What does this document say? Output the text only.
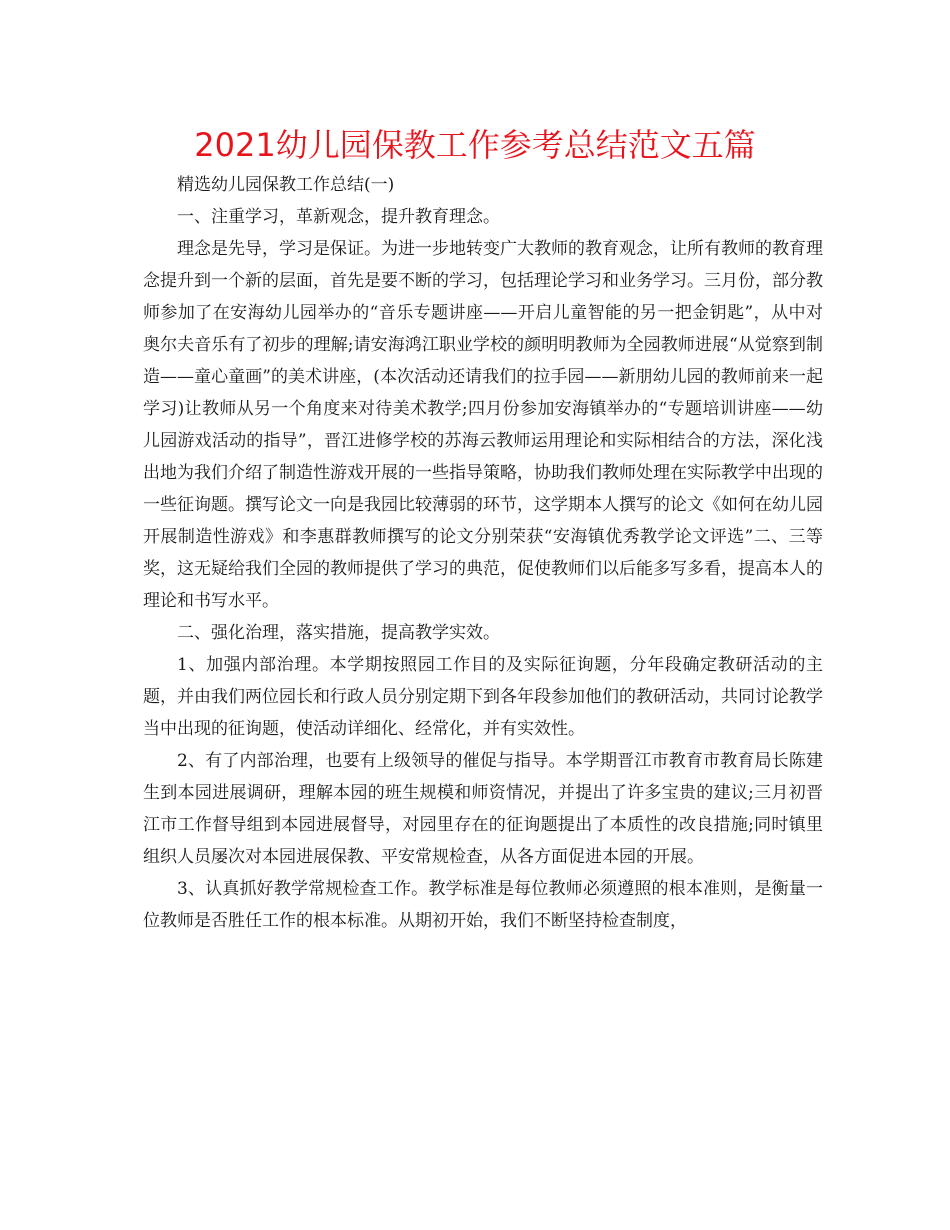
2021幼儿园保教工作参考总结范文五篇

精选幼儿园保教工作总结(一)

一、注重学习，革新观念，提升教育理念。

理念是先导，学习是保证。为进一步地转变广大教师的教育观念，让所有教师的教育理念提升到一个新的层面，首先是要不断的学习，包括理论学习和业务学习。三月份，部分教师参加了在安海幼儿园举办的“音乐专题讲座——开启儿童智能的另一把金钥匙”，从中对奥尔夫音乐有了初步的理解;请安海鸿江职业学校的颜明明教师为全园教师进展“从觉察到制造——童心童画”的美术讲座，(本次活动还请我们的拉手园——新朋幼儿园的教师前来一起学习)让教师从另一个角度来对待美术教学;四月份参加安海镇举办的“专题培训讲座——幼儿园游戏活动的指导”，晋江进修学校的苏海云教师运用理论和实际相结合的方法，深化浅出地为我们介绍了制造性游戏开展的一些指导策略，协助我们教师处理在实际教学中出现的一些征询题。撰写论文一向是我园比较薄弱的环节，这学期本人撰写的论文《如何在幼儿园开展制造性游戏》和李惠群教师撰写的论文分别荣获“安海镇优秀教学论文评选”二、三等奖，这无疑给我们全园的教师提供了学习的典范，促使教师们以后能多写多看，提高本人的理论和书写水平。

二、强化治理，落实措施，提高教学实效。

1、加强内部治理。本学期按照园工作目的及实际征询题，分年段确定教研活动的主题，并由我们两位园长和行政人员分别定期下到各年段参加他们的教研活动，共同讨论教学当中出现的征询题，使活动详细化、经常化，并有实效性。

2、有了内部治理，也要有上级领导的催促与指导。本学期晋江市教育市教育局长陈建生到本园进展调研，理解本园的班生规模和师资情况，并提出了许多宝贵的建议;三月初晋江市工作督导组到本园进展督导，对园里存在的征询题提出了本质性的改良措施;同时镇里组织人员屡次对本园进展保教、平安常规检查，从各方面促进本园的开展。

3、认真抓好教学常规检查工作。教学标准是每位教师必须遵照的根本准则，是衡量一位教师是否胜任工作的根本标准。从期初开始，我们不断坚持检查制度，
